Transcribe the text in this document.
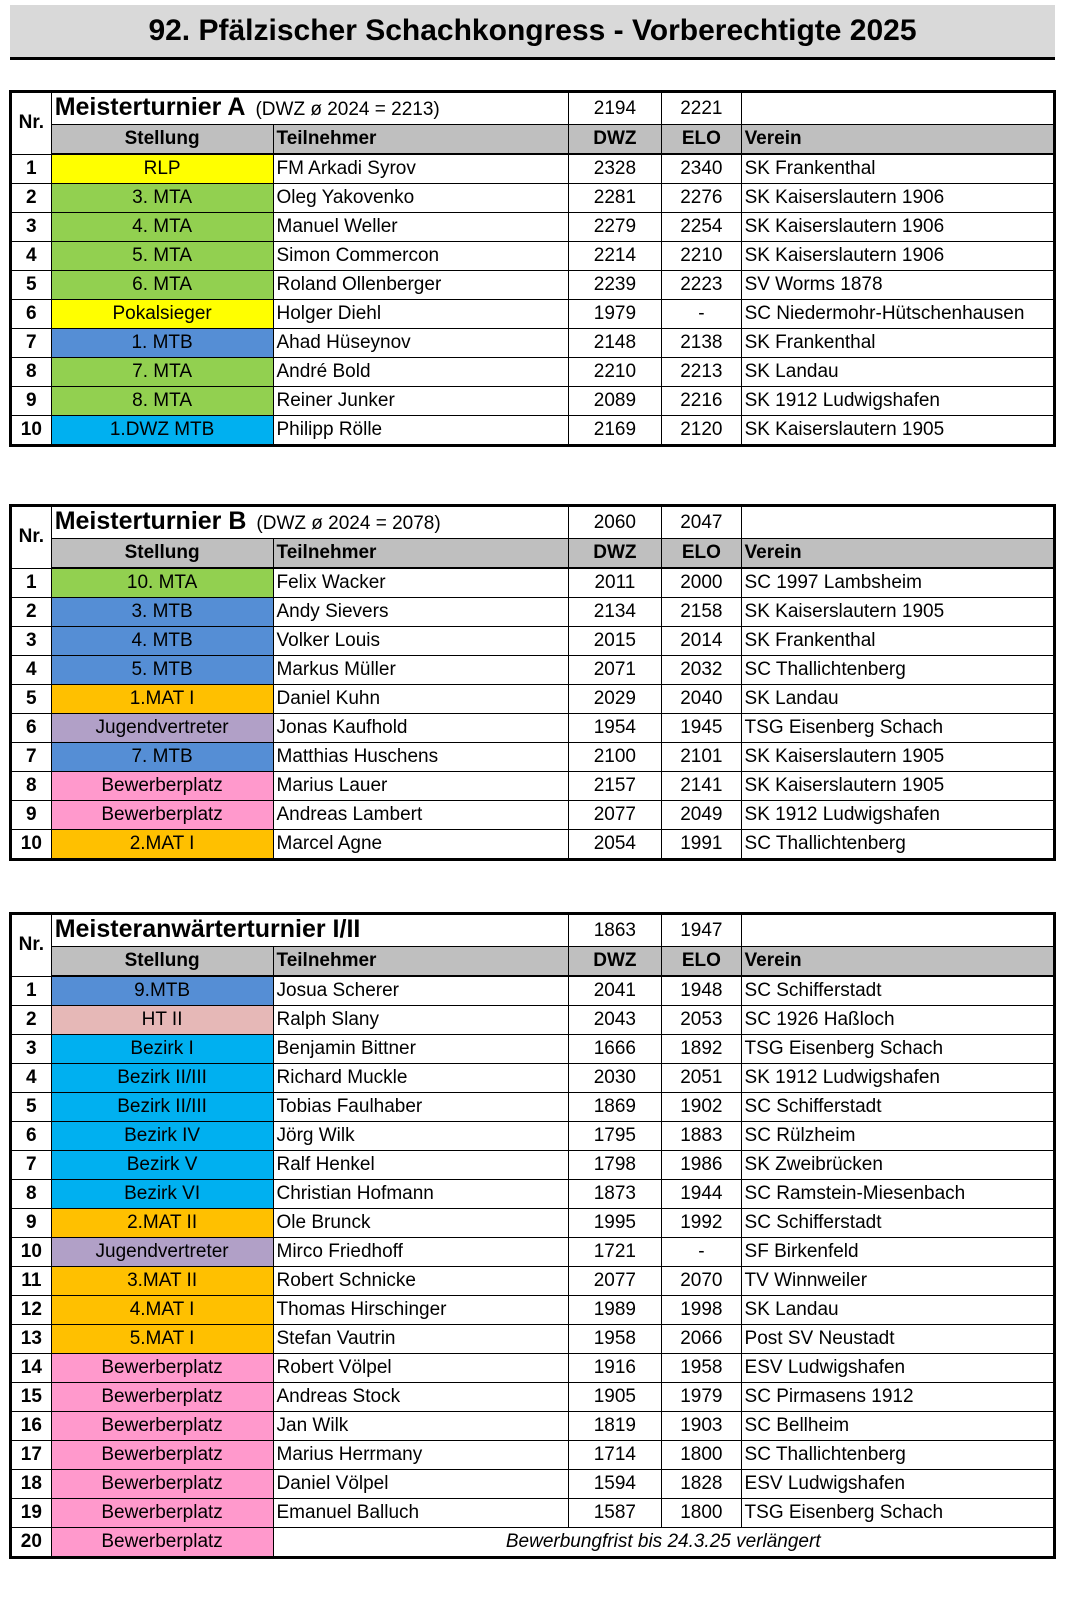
92. Pfälzischer Schachkongress - Vorberechtigte 2025
Nr.	Meisterturnier A (DWZ ø 2024 = 2213)		2194	2221	
	Stellung	Teilnehmer	DWZ	ELO	Verein
1	RLP	FM Arkadi Syrov	2328	2340	SK Frankenthal
2	3. MTA	Oleg Yakovenko	2281	2276	SK Kaiserslautern 1906
3	4. MTA	Manuel Weller	2279	2254	SK Kaiserslautern 1906
4	5. MTA	Simon Commercon	2214	2210	SK Kaiserslautern 1906
5	6. MTA	Roland Ollenberger	2239	2223	SV Worms 1878
6	Pokalsieger	Holger Diehl	1979	-	SC Niedermohr-Hütschenhausen
7	1. MTB	Ahad Hüseynov	2148	2138	SK Frankenthal
8	7. MTA	André Bold	2210	2213	SK Landau
9	8. MTA	Reiner Junker	2089	2216	SK 1912 Ludwigshafen
10	1.DWZ MTB	Philipp Rölle	2169	2120	SK Kaiserslautern 1905
Nr.	Meisterturnier B (DWZ ø 2024 = 2078)		2060	2047	
	Stellung	Teilnehmer	DWZ	ELO	Verein
1	10. MTA	Felix Wacker	2011	2000	SC 1997 Lambsheim
2	3. MTB	Andy Sievers	2134	2158	SK Kaiserslautern 1905
3	4. MTB	Volker Louis	2015	2014	SK Frankenthal
4	5. MTB	Markus Müller	2071	2032	SC Thallichtenberg
5	1.MAT I	Daniel Kuhn	2029	2040	SK Landau
6	Jugendvertreter	Jonas Kaufhold	1954	1945	TSG Eisenberg Schach
7	7. MTB	Matthias Huschens	2100	2101	SK Kaiserslautern 1905
8	Bewerberplatz	Marius Lauer	2157	2141	SK Kaiserslautern 1905
9	Bewerberplatz	Andreas Lambert	2077	2049	SK 1912 Ludwigshafen
10	2.MAT I	Marcel Agne	2054	1991	SC Thallichtenberg
Nr.	Meisteranwärterturnier I/II		1863	1947	
	Stellung	Teilnehmer	DWZ	ELO	Verein
1	9.MTB	Josua Scherer	2041	1948	SC Schifferstadt
2	HT II	Ralph Slany	2043	2053	SC 1926 Haßloch
3	Bezirk I	Benjamin Bittner	1666	1892	TSG Eisenberg Schach
4	Bezirk II/III	Richard Muckle	2030	2051	SK 1912 Ludwigshafen
5	Bezirk II/III	Tobias Faulhaber	1869	1902	SC Schifferstadt
6	Bezirk IV	Jörg Wilk	1795	1883	SC Rülzheim
7	Bezirk V	Ralf Henkel	1798	1986	SK Zweibrücken
8	Bezirk VI	Christian Hofmann	1873	1944	SC Ramstein-Miesenbach
9	2.MAT II	Ole Brunck	1995	1992	SC Schifferstadt
10	Jugendvertreter	Mirco Friedhoff	1721	-	SF Birkenfeld
11	3.MAT II	Robert Schnicke	2077	2070	TV Winnweiler
12	4.MAT I	Thomas Hirschinger	1989	1998	SK Landau
13	5.MAT I	Stefan Vautrin	1958	2066	Post SV Neustadt
14	Bewerberplatz	Robert Völpel	1916	1958	ESV Ludwigshafen
15	Bewerberplatz	Andreas Stock	1905	1979	SC Pirmasens 1912
16	Bewerberplatz	Jan Wilk	1819	1903	SC Bellheim
17	Bewerberplatz	Marius Herrmany	1714	1800	SC Thallichtenberg
18	Bewerberplatz	Daniel Völpel	1594	1828	ESV Ludwigshafen
19	Bewerberplatz	Emanuel Balluch	1587	1800	TSG Eisenberg Schach
20	Bewerberplatz	Bewerbungfrist bis 24.3.25 verlängert			
